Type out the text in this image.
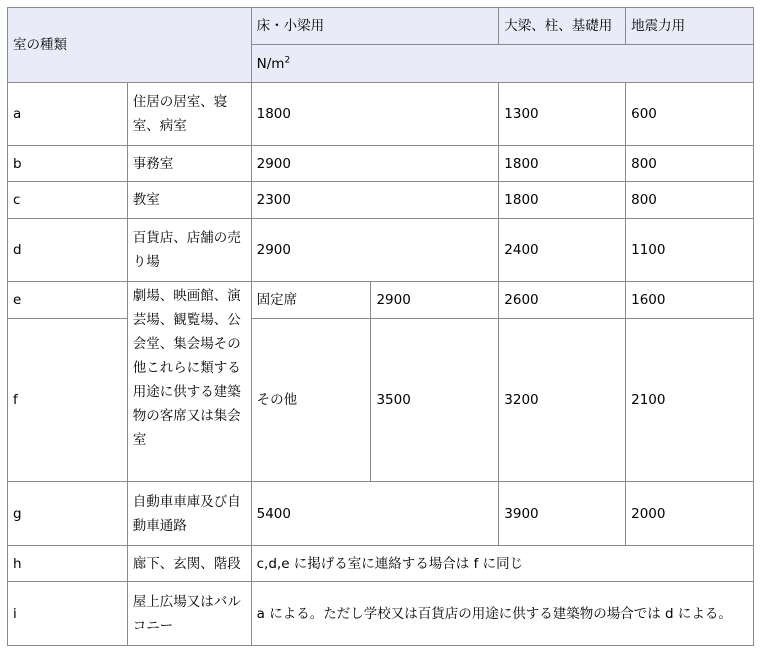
室の種類		床・小梁用		大梁、柱、基礎用	地震力用
		$N/m^2$
a	住居の居室、寝室、病室	1800		1300	600
b	事務室	2900		1800	800
c	教室	2300		1800	800
d	百貨店、店舗の売り場	2900		2400	1100
e	劇場、映画館、演芸場、観覧場、公会堂、集会場その他これらに類する用途に供する建築物の客席又は集会室	固定席	2900	2600	1600
f		その他	3500	3200	2100
g	自動車車庫及び自動車通路	5400		3900	2000
h	廊下、玄関、階段	c,d,e に掲げる室に連絡する場合は f に同じ			
i	屋上広場又はバルコニー	a による。ただし学校又は百貨店の用途に供する建築物の場合では d による。			
